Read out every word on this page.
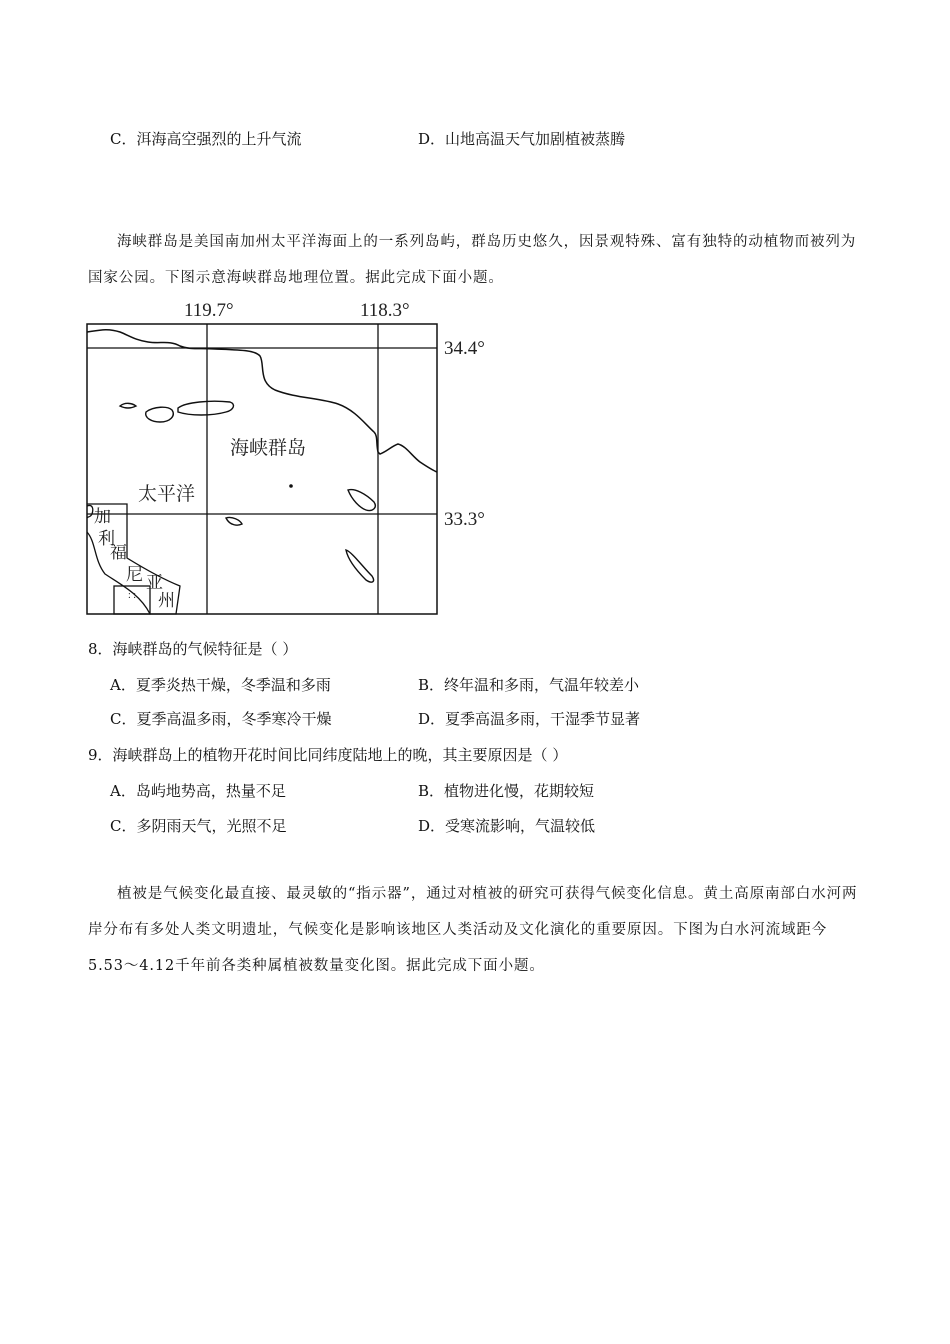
C．洱海高空强烈的上升气流	D．山地高温天气加剧植被蒸腾

海峡群岛是美国南加州太平洋海面上的一系列岛屿，群岛历史悠久，因景观特殊、富有独特的动植物而被列为国家公园。下图示意海峡群岛地理位置。据此完成下面小题。

119.7°	118.3°
34.4°
33.3°
海峡群岛
太平洋
: :
加
利
福
尼 亚
州
8．海峡群岛的气候特征是（ ）
A．夏季炎热干燥，冬季温和多雨	B．终年温和多雨，气温年较差小
C．夏季高温多雨，冬季寒冷干燥	D．夏季高温多雨，干湿季节显著
9．海峡群岛上的植物开花时间比同纬度陆地上的晚，其主要原因是（ ）
A．岛屿地势高，热量不足	B．植物进化慢，花期较短
C．多阴雨天气，光照不足	D．受寒流影响，气温较低

植被是气候变化最直接、最灵敏的“指示器”，通过对植被的研究可获得气候变化信息。黄土高原南部白水河两岸分布有多处人类文明遗址，气候变化是影响该地区人类活动及文化演化的重要原因。下图为白水河流域距今5.53～4.12千年前各类种属植被数量变化图。据此完成下面小题。
